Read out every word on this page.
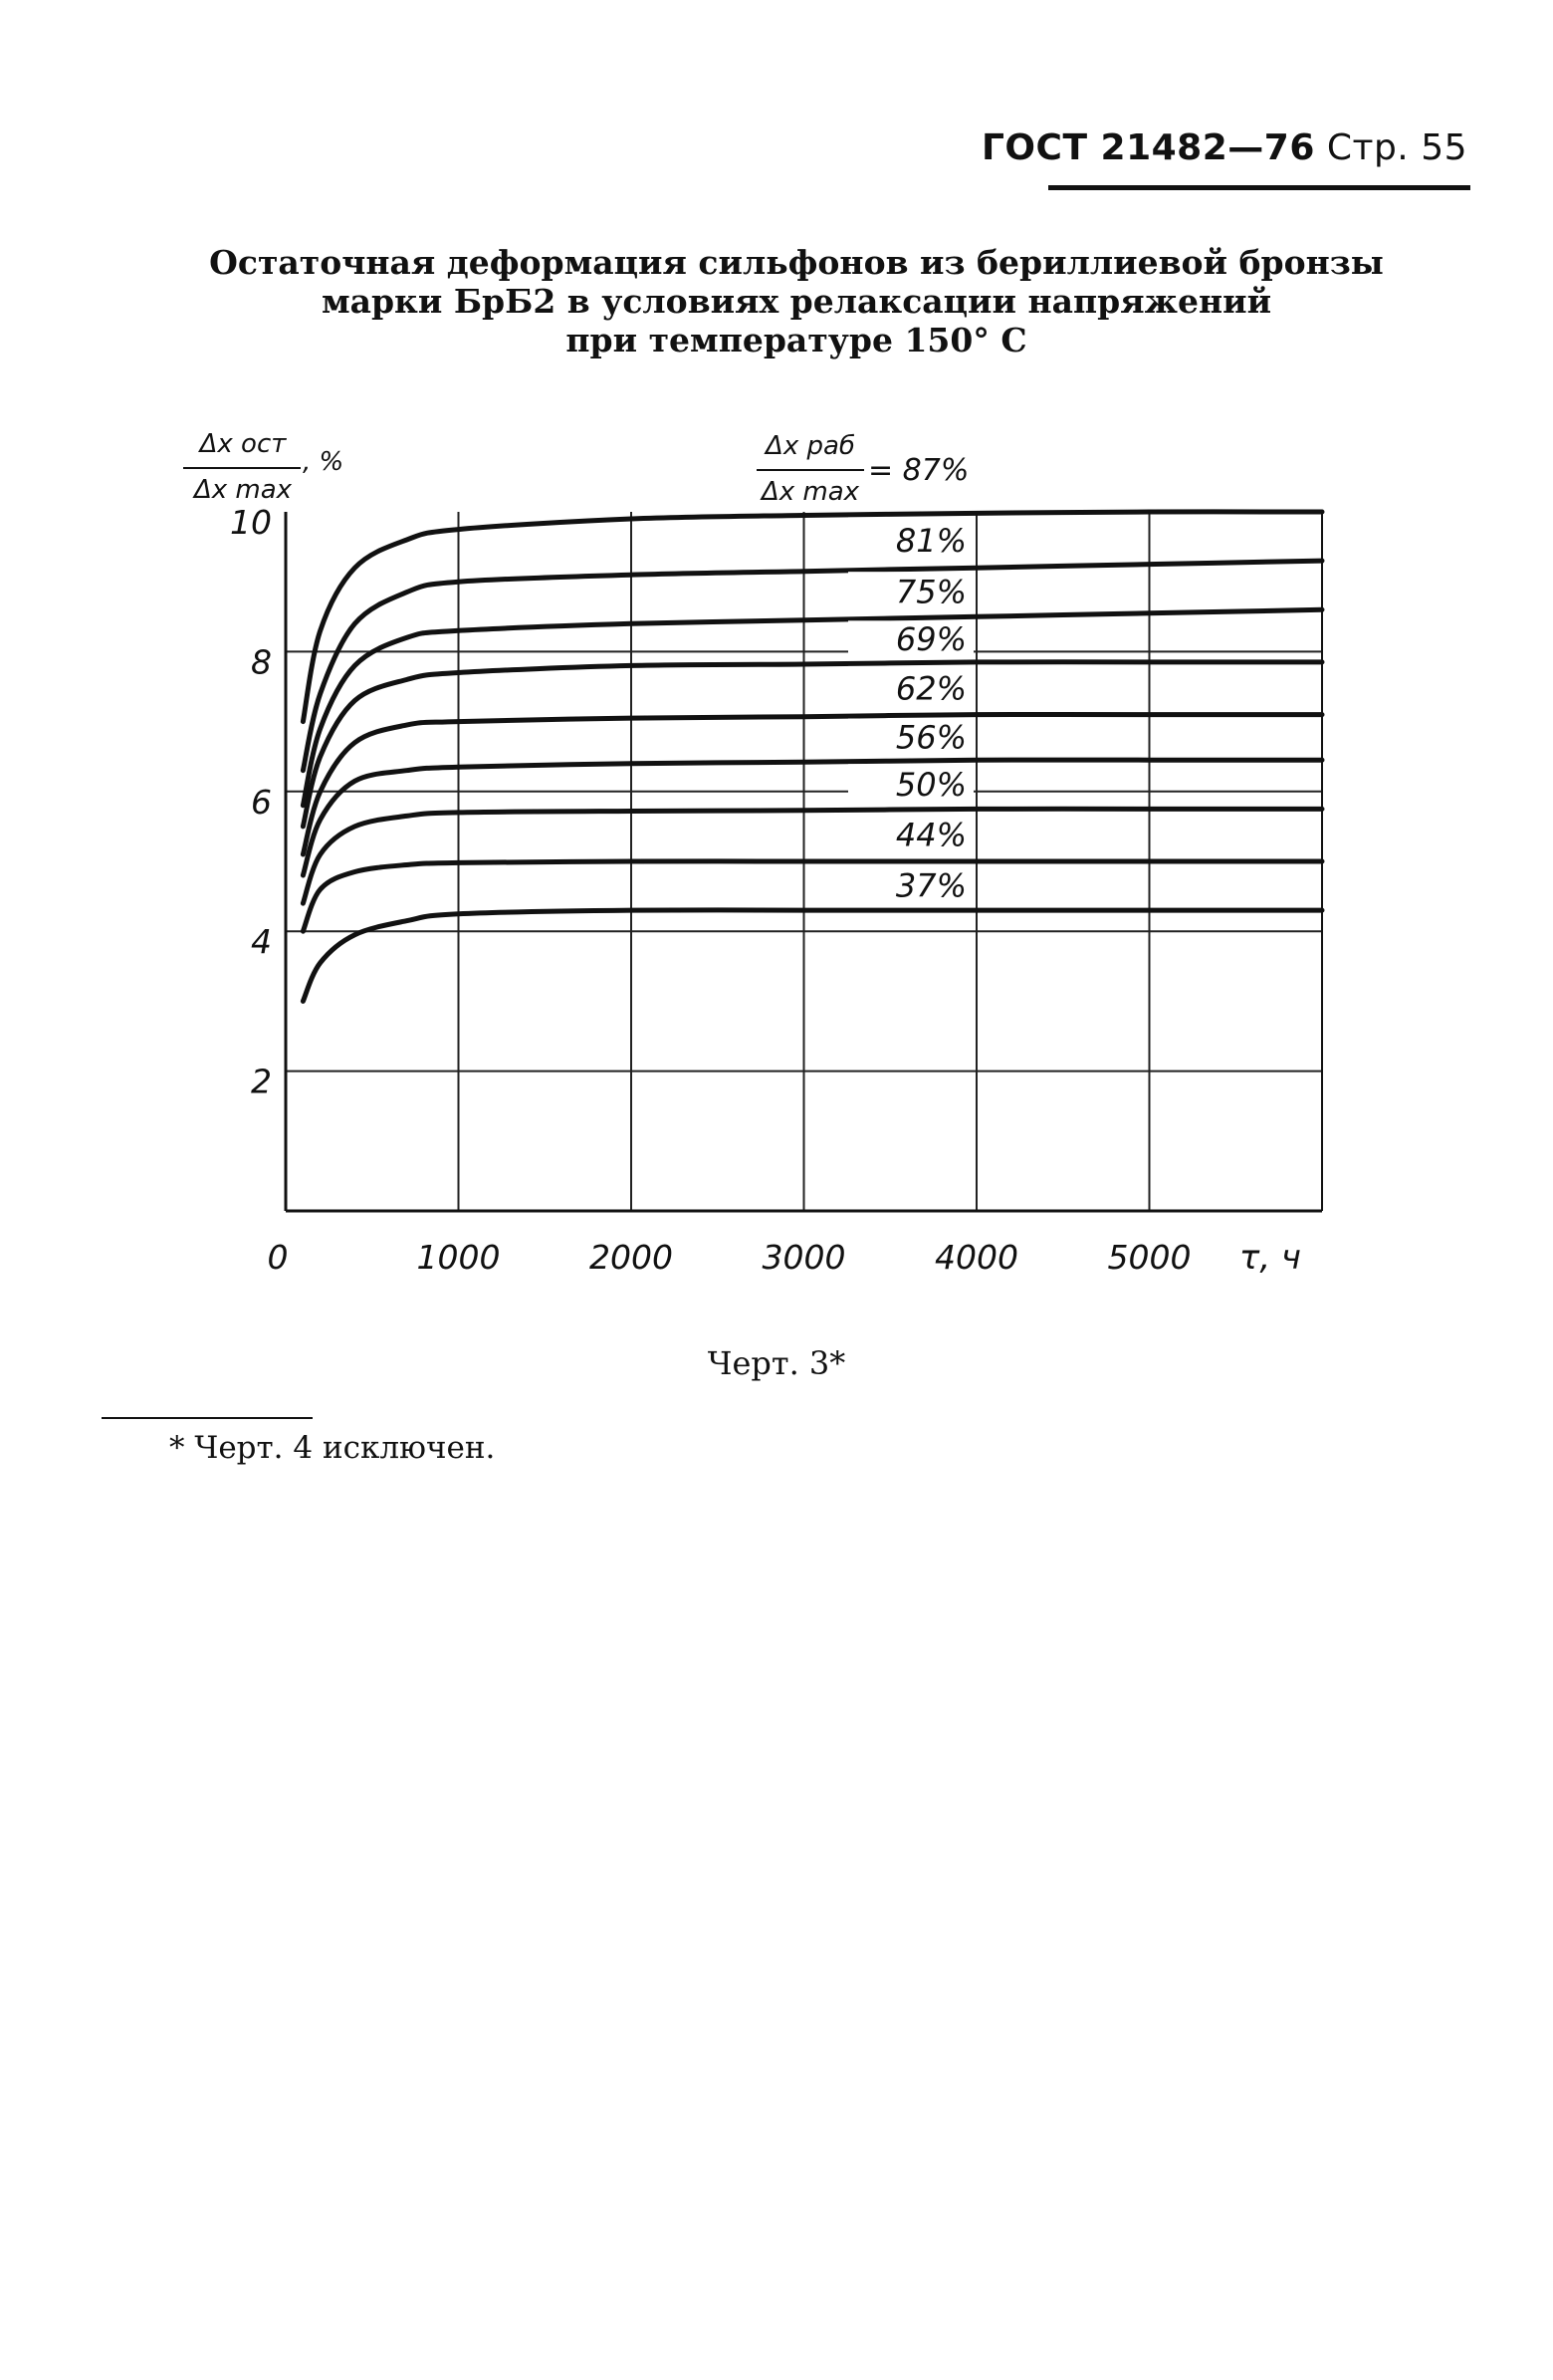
ГОСТ 21482—76 Стр. 55
Остаточная деформация сильфонов из бериллиевой бронзы
марки БрБ2 в условиях релаксации напряжений
при температуре 150° С
81%
75%
69%
62%
56%
50%
44%
37%
0	1000	2000	3000	4000	5000
2
4
6
8
10
τ, ч
Δx ост
Δx max
, %
Δx раб
Δx max
= 87%
Черт. 3*
* Черт. 4 исключен.
